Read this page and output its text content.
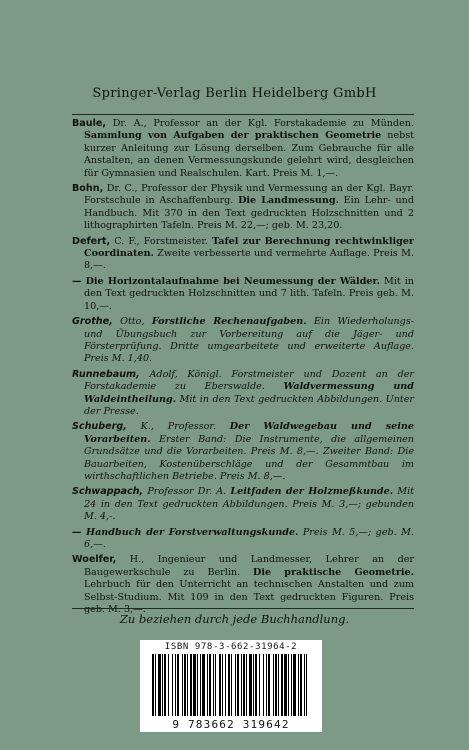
Springer-Verlag Berlin Heidelberg GmbH
Baule, Dr. A., Professor an der Kgl. Forstakademie zu Münden. Sammlung von Aufgaben der praktischen Geometrie nebst kurzer Anleitung zur Lösung derselben. Zum Gebrauche für alle Anstalten, an denen Vermessungskunde gelehrt wird, desgleichen für Gymnasien und Realschulen. Kart. Preis M. 1,—.
Bohn, Dr. C., Professor der Physik und Vermessung an der Kgl. Bayr. Forstschule in Aschaffenburg. Die Landmessung. Ein Lehr- und Handbuch. Mit 370 in den Text gedruckten Holzschnitten und 2 lithographirten Tafeln. Preis M. 22,—; geb. M. 23,20.
Defert, C. F., Forstmeister. Tafel zur Berechnung rechtwinkliger Coordinaten. Zweite verbesserte und vermehrte Auflage. Preis M. 8,—.
— Die Horizontalaufnahme bei Neumessung der Wälder. Mit in den Text gedruckten Holzschnitten und 7 lith. Tafeln. Preis geb. M. 10,—.
Grothe, Otto, Forstliche Rechenaufgaben. Ein Wiederholungs- und Übungsbuch zur Vorbereitung auf die Jäger- und Försterprüfung. Dritte umgearbeitete und erweiterte Auflage. Preis M. 1,40.
Runnebaum, Adolf, Königl. Forstmeister und Dozent an der Forstakademie zu Eberswalde. Waldvermessung und Waldeintheilung. Mit in den Text gedruckten Abbildungen. Unter der Presse.
Schuberg, K., Professor. Der Waldwegebau und seine Vorarbeiten. Erster Band: Die Instrumente, die allgemeinen Grundsätze und die Vorarbeiten. Preis M. 8,—. Zweiter Band: Die Bauarbeiten, Kostenüberschläge und der Gesammtbau im wirthschaftlichen Betriebe. Preis M. 8,—.
Schwappach, Professor Dr. A. Leitfaden der Holzmeßkunde. Mit 24 in den Text gedruckten Abbildungen. Preis M. 3,—; gebunden M. 4,-.
— Handbuch der Forstverwaltungskunde. Preis M. 5,—; geb. M. 6,—.
Woelfer, H., Ingenieur und Landmesser, Lehrer an der Baugewerkschule zu Berlin. Die praktische Geometrie. Lehrbuch für den Unterricht an technischen Anstalten und zum Selbst-Studium. Mit 109 in den Text gedruckten Figuren. Preis geb. M. 3,—.
Zu beziehen durch jede Buchhandlung.
ISBN 978-3-662-31964-2
9 783662 319642
